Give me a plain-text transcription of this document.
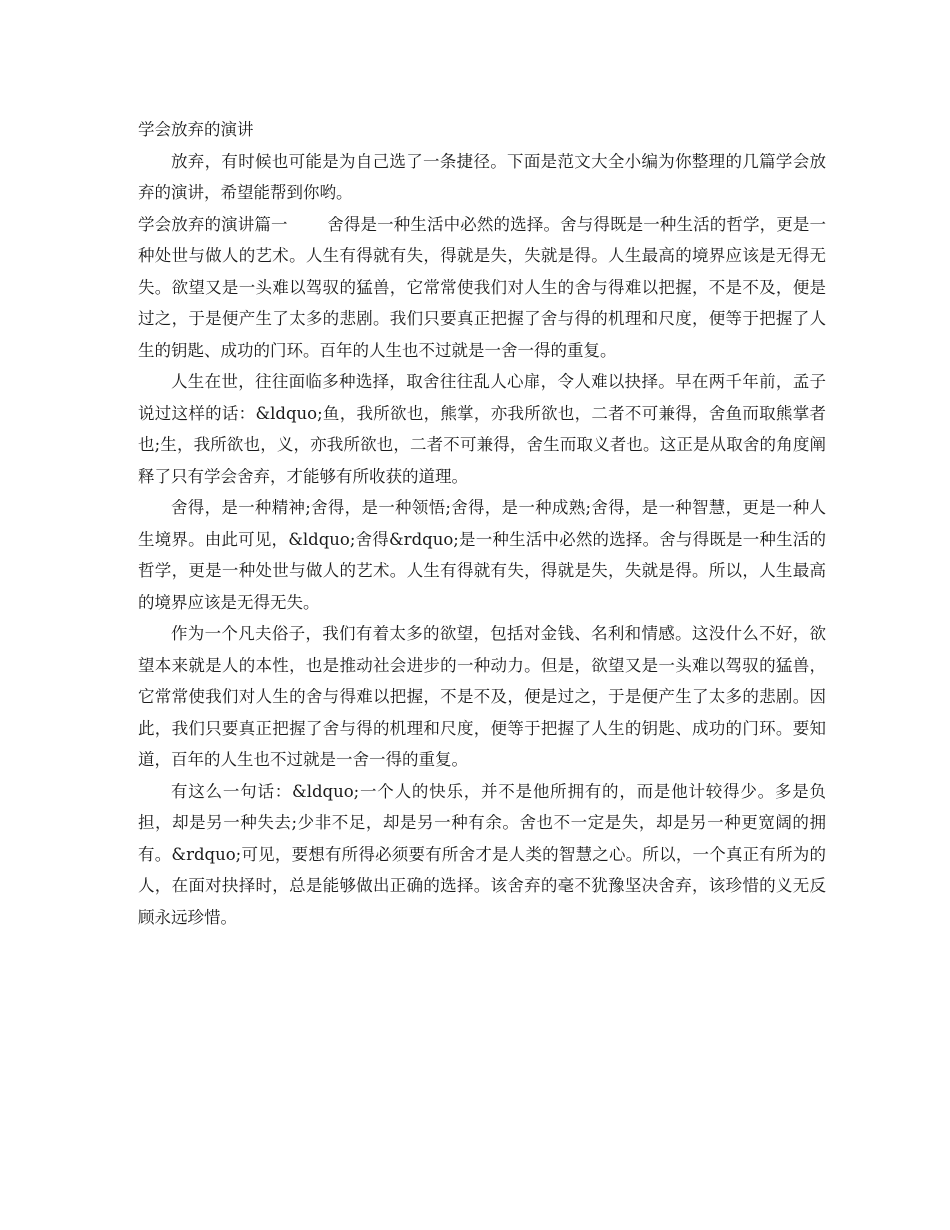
学会放弃的演讲

放弃，有时候也可能是为自己选了一条捷径。下面是范文大全小编为你整理的几篇学会放弃的演讲，希望能帮到你哟。

学会放弃的演讲篇一 舍得是一种生活中必然的选择。舍与得既是一种生活的哲学，更是一种处世与做人的艺术。人生有得就有失，得就是失，失就是得。人生最高的境界应该是无得无失。欲望又是一头难以驾驭的猛兽，它常常使我们对人生的舍与得难以把握，不是不及，便是过之，于是便产生了太多的悲剧。我们只要真正把握了舍与得的机理和尺度，便等于把握了人生的钥匙、成功的门环。百年的人生也不过就是一舍一得的重复。

人生在世，往往面临多种选择，取舍往往乱人心扉，令人难以抉择。早在两千年前，孟子说过这样的话：&ldquo;鱼，我所欲也，熊掌，亦我所欲也，二者不可兼得，舍鱼而取熊掌者也;生，我所欲也，义，亦我所欲也，二者不可兼得，舍生而取义者也。这正是从取舍的角度阐释了只有学会舍弃，才能够有所收获的道理。

舍得，是一种精神;舍得，是一种领悟;舍得，是一种成熟;舍得，是一种智慧，更是一种人生境界。由此可见，&ldquo;舍得&rdquo;是一种生活中必然的选择。舍与得既是一种生活的哲学，更是一种处世与做人的艺术。人生有得就有失，得就是失，失就是得。所以，人生最高的境界应该是无得无失。

作为一个凡夫俗子，我们有着太多的欲望，包括对金钱、名利和情感。这没什么不好，欲望本来就是人的本性，也是推动社会进步的一种动力。但是，欲望又是一头难以驾驭的猛兽，它常常使我们对人生的舍与得难以把握，不是不及，便是过之，于是便产生了太多的悲剧。因此，我们只要真正把握了舍与得的机理和尺度，便等于把握了人生的钥匙、成功的门环。要知道，百年的人生也不过就是一舍一得的重复。

有这么一句话：&ldquo;一个人的快乐，并不是他所拥有的，而是他计较得少。多是负担，却是另一种失去;少非不足，却是另一种有余。舍也不一定是失，却是另一种更宽阔的拥有。&rdquo;可见，要想有所得必须要有所舍才是人类的智慧之心。所以，一个真正有所为的人，在面对抉择时，总是能够做出正确的选择。该舍弃的毫不犹豫坚决舍弃，该珍惜的义无反顾永远珍惜。
